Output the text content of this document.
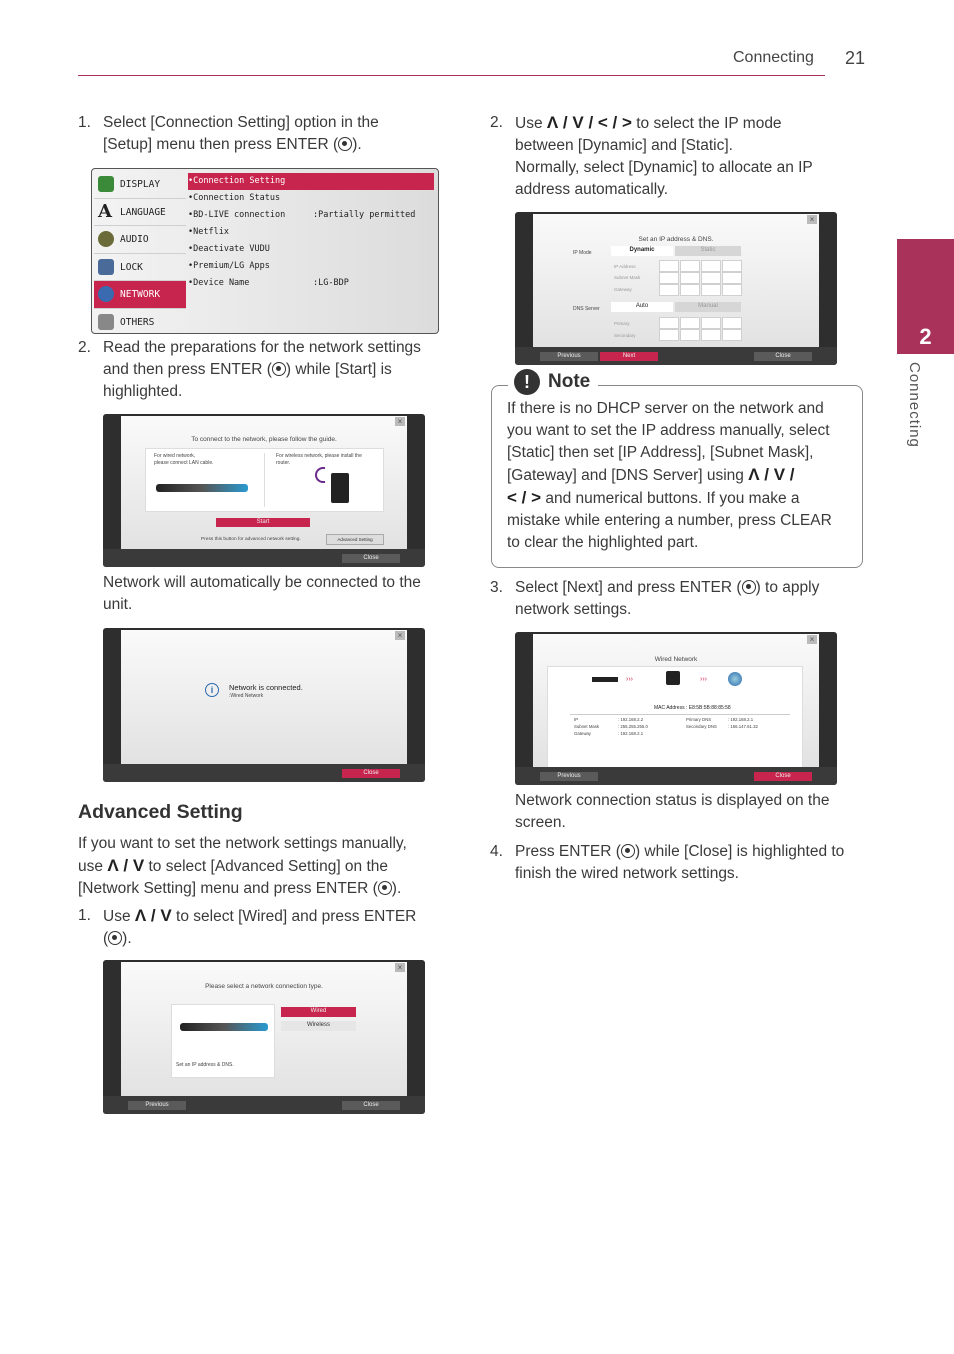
Connecting 21
2
Connecting
1. Select [Connection Setting] option in the
[Setup] menu then press ENTER ( ).
DISPLAY
A LANGUAGE
AUDIO
LOCK
NETWORK
OTHERS
•Connection Setting
•Connection Status
•BD-LIVE connection	:Partially permitted
•Netflix
•Deactivate VUDU
•Premium/LG Apps
•Device Name	:LG-BDP
2. Read the preparations for the network settings
and then press ENTER ( ) while [Start] is
highlighted.
To connect to the network, please follow the guide.
For wired network,
please connect LAN cable.
For wireless network, please install the
router.
Start
Press this button for advanced network setting.	Advanced Setting
×
Close
Network will automatically be connected to the
unit.
i	Network is connected.
:Wired Network
×
Close
Advanced Setting
If you want to set the network settings manually,
use Λ / V to select [Advanced Setting] on the
[Network Setting] menu and press ENTER ( ).
1. Use Λ / V to select [Wired] and press ENTER
( ).
Please select a network connection type.
Set an IP address & DNS.
Wired
Wireless
×
Previous	Close
2. Use Λ / V / < / > to select the IP mode
between [Dynamic] and [Static].
Normally, select [Dynamic] to allocate an IP
address automatically.
Set an IP address & DNS.
IP Mode	Dynamic	Static
IP Address
Subnet Mask
Gateway
DNS Server	Auto	Manual
Primary
Secondary
×
Previous	Next	Close
! Note
If there is no DHCP server on the network and
you want to set the IP address manually, select
[Static] then set [IP Address], [Subnet Mask],
[Gateway] and [DNS Server] using Λ / V /
< / > and numerical buttons. If you make a
mistake while entering a number, press CLEAR
to clear the highlighted part.
3. Select [Next] and press ENTER ( ) to apply
network settings.
Wired Network
›››	›››
MAC Address : E8:5B:5B:88:85:58
IP	: 192.168.2.2
Subnet Mask	: 255.255.255.0
Gateway	: 192.168.2.1
Primary DNS	: 192.168.2.1
Secondary DNS	: 156.147.61.32
×
Previous	Close
Network connection status is displayed on the
screen.
4. Press ENTER ( ) while [Close] is highlighted to
finish the wired network settings.
